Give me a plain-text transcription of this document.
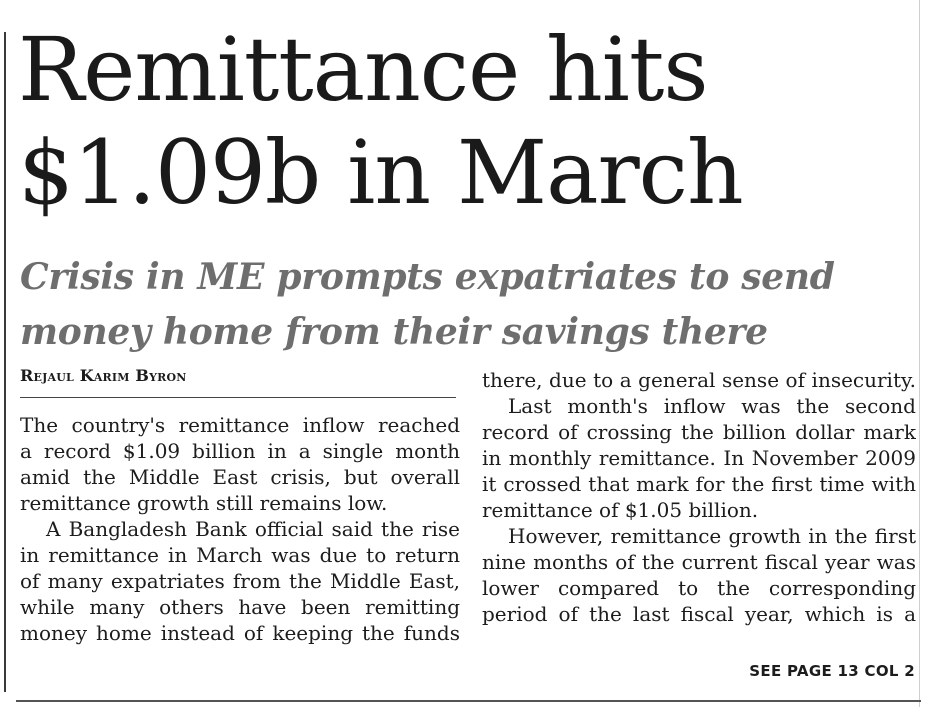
Remittance hits
$1.09b in March
Crisis in ME prompts expatriates to send
money home from their savings there
Rejaul Karim Byron
The country's remittance inflow reached
a record $1.09 billion in a single month
amid the Middle East crisis, but overall
remittance growth still remains low.
A Bangladesh Bank official said the rise
in remittance in March was due to return
of many expatriates from the Middle East,
while many others have been remitting
money home instead of keeping the funds
there, due to a general sense of insecurity.
Last month's inflow was the second
record of crossing the billion dollar mark
in monthly remittance. In November 2009
it crossed that mark for the first time with
remittance of $1.05 billion.
However, remittance growth in the first
nine months of the current fiscal year was
lower compared to the corresponding
period of the last fiscal year, which is a
SEE PAGE 13 COL 2
